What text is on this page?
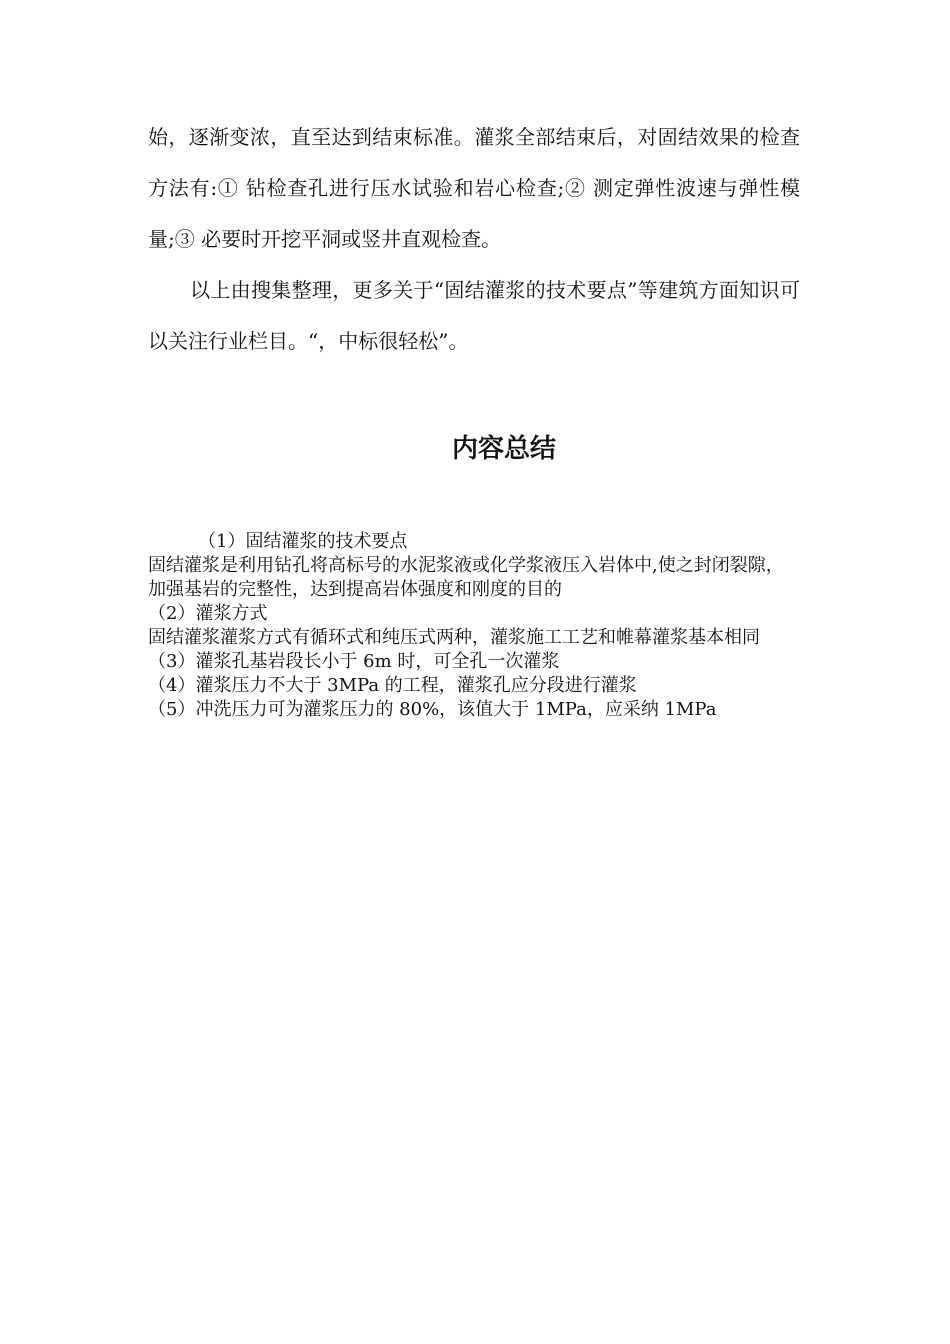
始，逐渐变浓，直至达到结束标准。灌浆全部结束后，对固结效果的检查方法有:① 钻检查孔进行压水试验和岩心检查;② 测定弹性波速与弹性模量;③ 必要时开挖平洞或竖井直观检查。

以上由搜集整理，更多关于“固结灌浆的技术要点”等建筑方面知识可以关注行业栏目。“，中标很轻松”。

内容总结

（1）固结灌浆的技术要点

固结灌浆是利用钻孔将高标号的水泥浆液或化学浆液压入岩体中,使之封闭裂隙，加强基岩的完整性，达到提高岩体强度和刚度的目的

（2）灌浆方式

固结灌浆灌浆方式有循环式和纯压式两种，灌浆施工工艺和帷幕灌浆基本相同

（3）灌浆孔基岩段长小于 6m 时，可全孔一次灌浆

（4）灌浆压力不大于 3MPa 的工程，灌浆孔应分段进行灌浆

（5）冲洗压力可为灌浆压力的 80%，该值大于 1MPa，应采纳 1MPa
